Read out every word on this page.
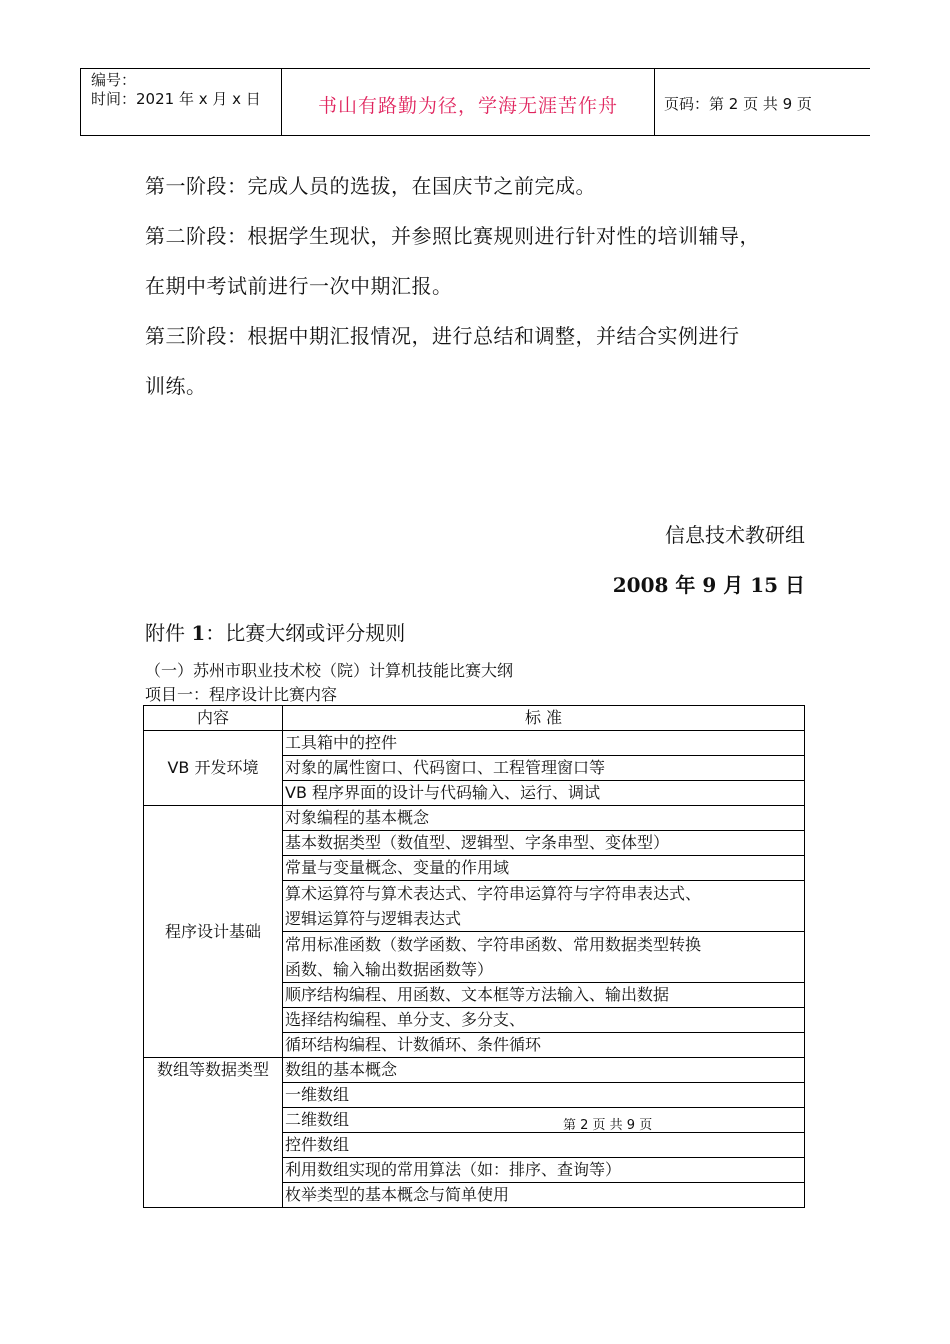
编号：
时间：2021 年 x 月 x 日	书山有路勤为径，学海无涯苦作舟	页码：第 2 页 共 9 页
第一阶段：完成人员的选拔，在国庆节之前完成。
第二阶段：根据学生现状，并参照比赛规则进行针对性的培训辅导，
在期中考试前进行一次中期汇报。
第三阶段：根据中期汇报情况，进行总结和调整，并结合实例进行
训练。
信息技术教研组
2008 年 9 月 15 日
附件 1：比赛大纲或评分规则
（一）苏州市职业技术校（院）计算机技能比赛大纲
项目一：程序设计比赛内容
内容	标 准
VB 开发环境	工具箱中的控件
	对象的属性窗口、代码窗口、工程管理窗口等
	VB 程序界面的设计与代码输入、运行、调试
程序设计基础	对象编程的基本概念
	基本数据类型（数值型、逻辑型、字条串型、变体型）
	常量与变量概念、变量的作用域

	算术运算符与算术表达式、字符串运算符与字符串表达式、
逻辑运算符与逻辑表达式

	常用标准函数（数学函数、字符串函数、常用数据类型转换
函数、输入输出数据函数等）

	顺序结构编程、用函数、文本框等方法输入、输出数据
	选择结构编程、单分支、多分支、
	循环结构编程、计数循环、条件循环
数组等数据类型	数组的基本概念
	一维数组
	二维数组
	控件数组
	利用数组实现的常用算法（如：排序、查询等）
	枚举类型的基本概念与简单使用
第 2 页 共 9 页
